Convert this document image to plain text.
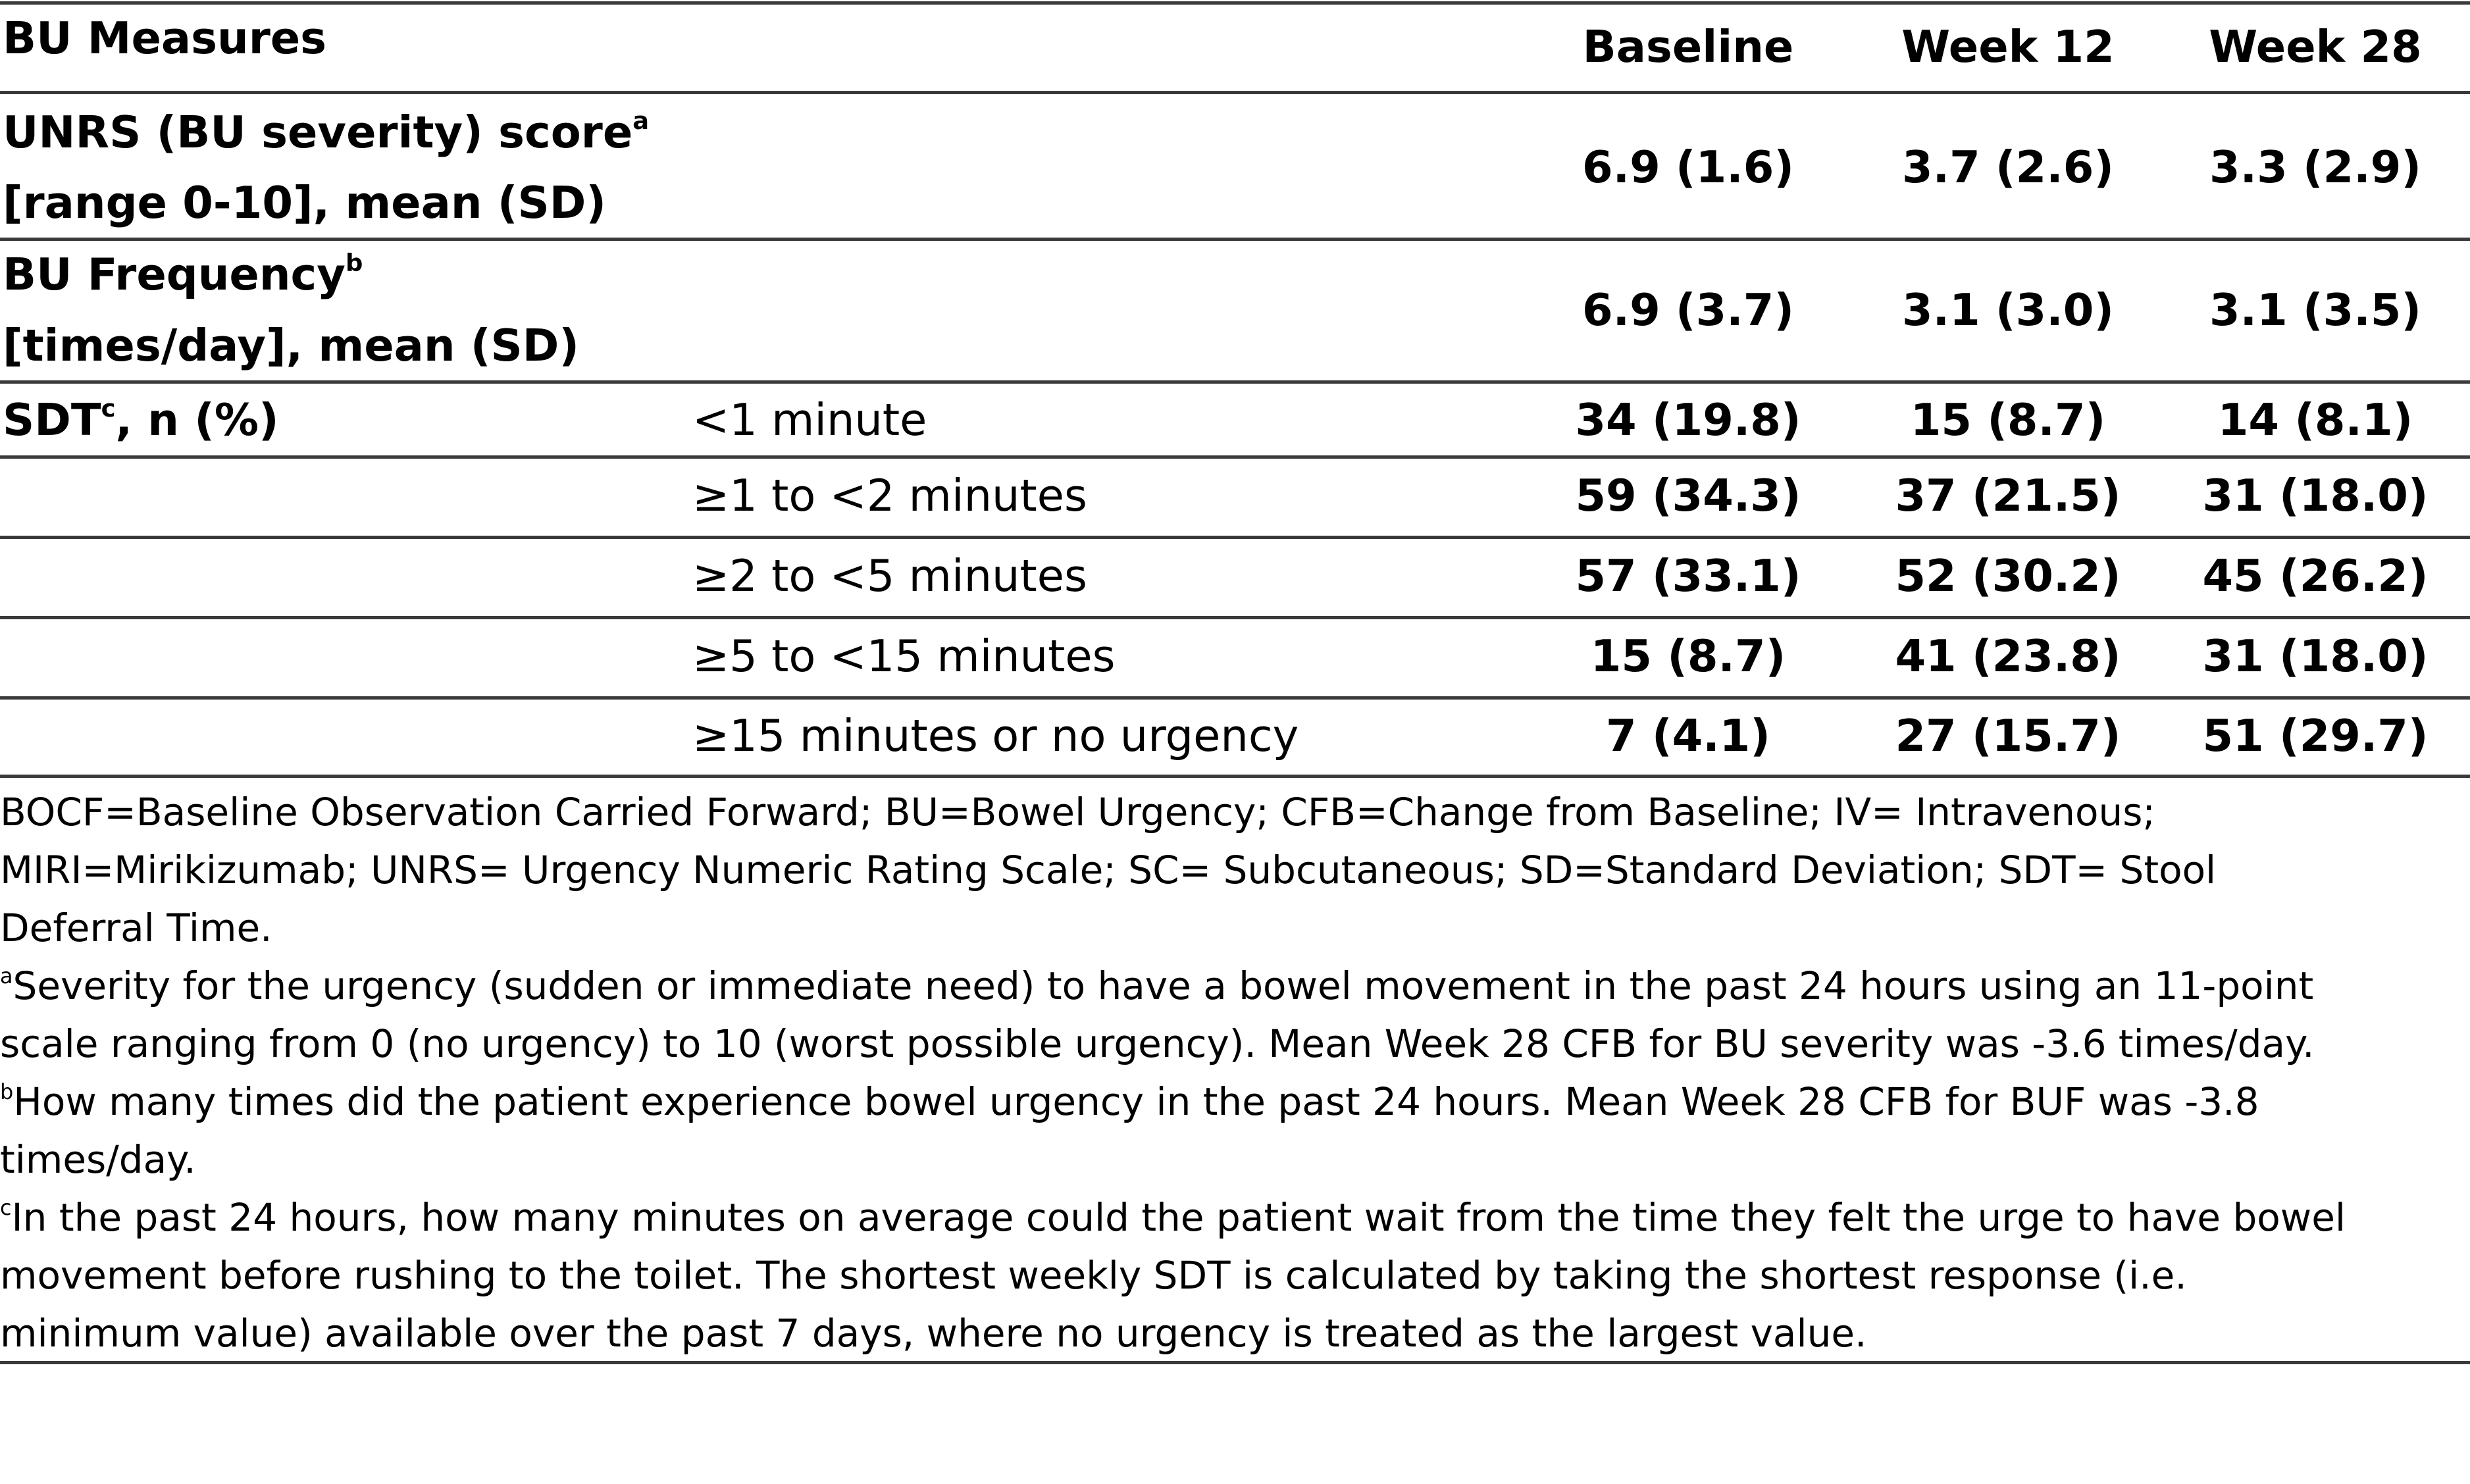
BU Measures	Baseline	Week 12	Week 28
UNRS (BU severity) score$^a$
[range 0-10], mean (SD)
6.9 (1.6)	3.7 (2.6)	3.3 (2.9)
BU Frequency$^b$
[times/day], mean (SD)
6.9 (3.7)	3.1 (3.0)	3.1 (3.5)
SDT$^c$, n (%)	<1 minute	34 (19.8)	15 (8.7)	14 (8.1)
≥1 to <2 minutes	59 (34.3)	37 (21.5)	31 (18.0)
≥2 to <5 minutes	57 (33.1)	52 (30.2)	45 (26.2)
≥5 to <15 minutes	15 (8.7)	41 (23.8)	31 (18.0)
≥15 minutes or no urgency	7 (4.1)	27 (15.7)	51 (29.7)
BOCF=Baseline Observation Carried Forward; BU=Bowel Urgency; CFB=Change from Baseline; IV= Intravenous;
MIRI=Mirikizumab; UNRS= Urgency Numeric Rating Scale; SC= Subcutaneous; SD=Standard Deviation; SDT= Stool
Deferral Time.
$^a$Severity for the urgency (sudden or immediate need) to have a bowel movement in the past 24 hours using an 11-point
scale ranging from 0 (no urgency) to 10 (worst possible urgency). Mean Week 28 CFB for BU severity was -3.6 times/day.
$^b$How many times did the patient experience bowel urgency in the past 24 hours. Mean Week 28 CFB for BUF was -3.8
times/day.
$^c$In the past 24 hours, how many minutes on average could the patient wait from the time they felt the urge to have bowel
movement before rushing to the toilet. The shortest weekly SDT is calculated by taking the shortest response (i.e.
minimum value) available over the past 7 days, where no urgency is treated as the largest value.
